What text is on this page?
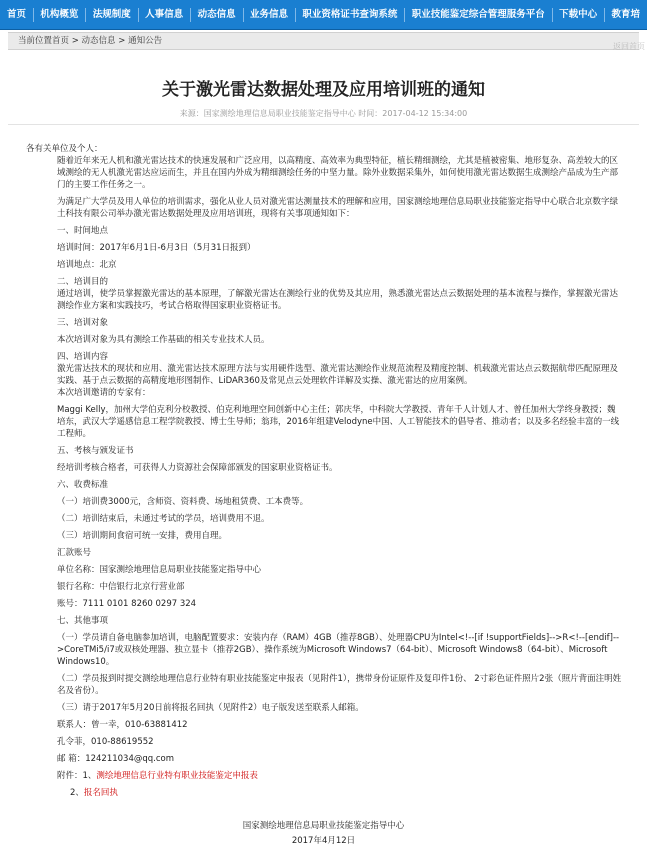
首页	机构概览	法规制度	人事信息	动态信息	业务信息	职业资格证书查询系统	职业技能鉴定综合管理服务平台	下载中心	教育培
当前位置首页 > 动态信息 > 通知公告
返回首页
关于激光雷达数据处理及应用培训班的通知
来源：国家测绘地理信息局职业技能鉴定指导中心 时间：2017-04-12 15:34:00

各有关单位及个人：

随着近年来无人机和激光雷达技术的快速发展和广泛应用，以高精度、高效率为典型特征，植长精细测绘，尤其是植被密集、地形复杂、高差较大的区域测绘的无人机激光雷达应运而生，并且在国内外成为精细测绘任务的中坚力量。除外业数据采集外，如何使用激光雷达数据生成测绘产品成为生产部门的主要工作任务之一。

为满足广大学员及用人单位的培训需求，强化从业人员对激光雷达测量技术的理解和应用，国家测绘地理信息局职业技能鉴定指导中心联合北京数字绿土科技有限公司举办激光雷达数据处理及应用培训班，现将有关事项通知如下：

一、时间地点

培训时间：2017年6月1日-6月3日（5月31日报到）

培训地点：北京

二、培训目的

通过培训，使学员掌握激光雷达的基本原理，了解激光雷达在测绘行业的优势及其应用，熟悉激光雷达点云数据处理的基本流程与操作，掌握激光雷达测绘作业方案和实践技巧，考试合格取得国家职业资格证书。

三、培训对象

本次培训对象为具有测绘工作基础的相关专业技术人员。

四、培训内容

激光雷达技术的现状和应用、激光雷达技术原理方法与实用硬件选型、激光雷达测绘作业规范流程及精度控制、机载激光雷达点云数据航带匹配原理及实践、基于点云数据的高精度地形图制作、LiDAR360及常见点云处理软件详解及实操、激光雷达的应用案例。

本次培训邀请的专家有：

Maggi Kelly，加州大学伯克利分校教授、伯克利地理空间创新中心主任；郭庆华，中科院大学教授、青年千人计划人才、曾任加州大学终身教授；魏培东，武汉大学遥感信息工程学院教授、博士生导师；翁玮，2016年组建Velodyne中国、人工智能技术的倡导者、推动者；以及多名经验丰富的一线工程师。

五、考核与颁发证书

经培训考核合格者，可获得人力资源社会保障部颁发的国家职业资格证书。

六、收费标准

（一）培训费3000元，含师资、资料费、场地租赁费、工本费等。

（二）培训结束后，未通过考试的学员，培训费用不退。

（三）培训期间食宿可统一安排，费用自理。

汇款账号

单位名称：国家测绘地理信息局职业技能鉴定指导中心

银行名称：中信银行北京行营业部

账号：7111 0101 8260 0297 324

七、其他事项

（一）学员请自备电脑参加培训，电脑配置要求：安装内存（RAM）4GB（推荐8GB）、处理器CPU为Intel<!--[if !supportFields]-->R<!--[endif]-->CoreTMi5/i7或双核处理器、独立显卡（推荐2GB）、操作系统为Microsoft Windows7（64-bit）、Microsoft Windows8（64-bit）、Microsoft Windows10。

（二）学员报到时提交测绘地理信息行业特有职业技能鉴定申报表（见附件1），携带身份证原件及复印件1份、 2寸彩色证件照片2张（照片背面注明姓名及省份）。

（三）请于2017年5月20日前将报名回执（见附件2）电子版发送至联系人邮箱。

联系人：曾一幸，010-63881412

孔令菲，010-88619552

邮 箱：124211034@qq.com

附件：1、测绘地理信息行业特有职业技能鉴定申报表

2、报名回执

国家测绘地理信息局职业技能鉴定指导中心
2017年4月12日
